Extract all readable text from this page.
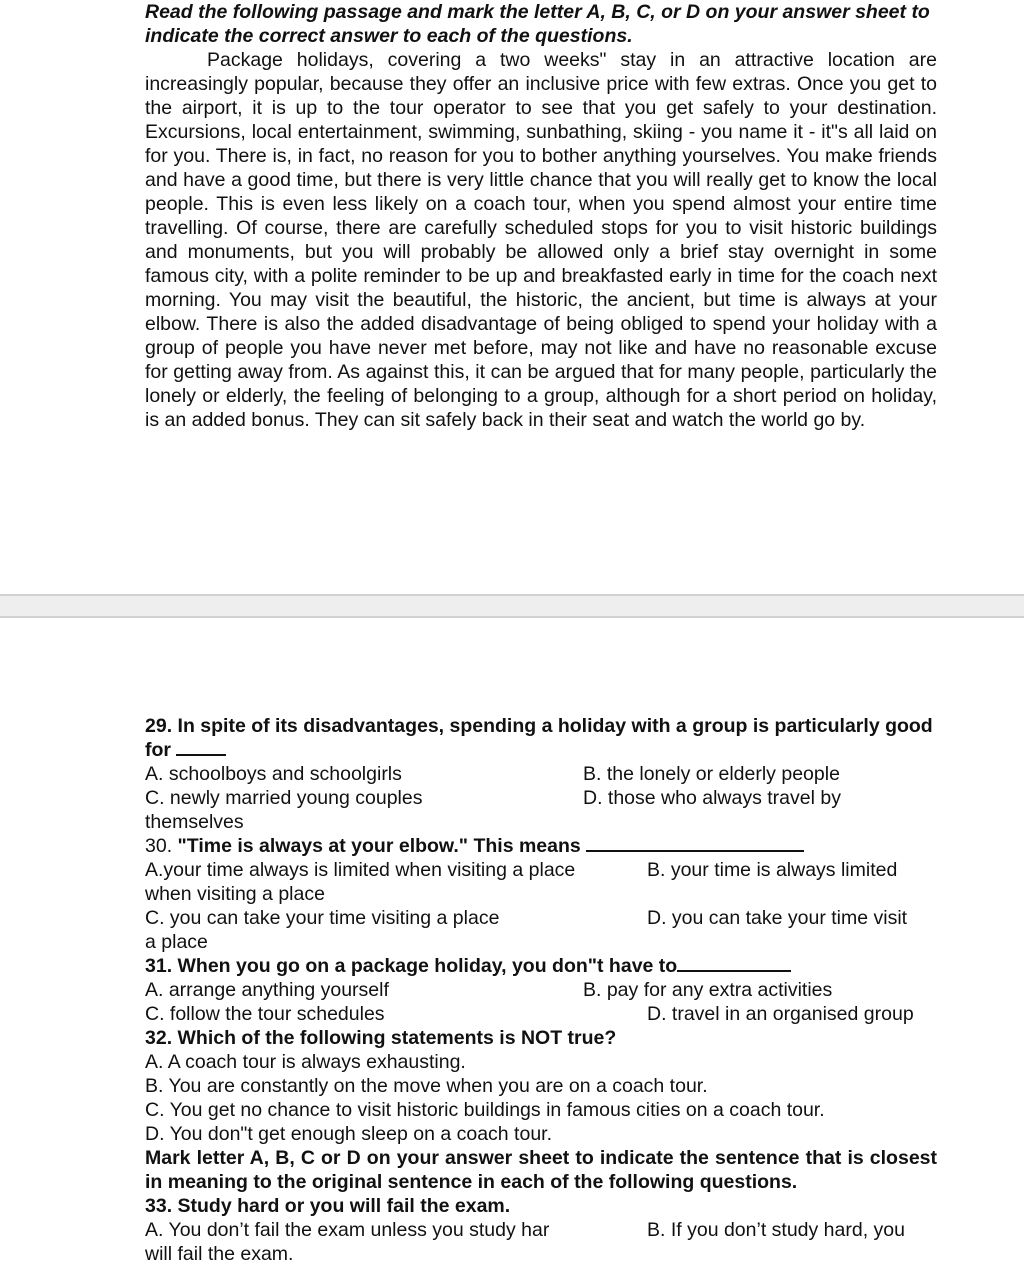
Read the following passage and mark the letter A, B, C, or D on your answer sheet to indicate the correct answer to each of the questions.
Package holidays, covering a two weeks" stay in an attractive location are increasingly popular, because they offer an inclusive price with few extras. Once you get to the airport, it is up to the tour operator to see that you get safely to your destination. Excursions, local entertainment, swimming, sunbathing, skiing - you name it - it"s all laid on for you. There is, in fact, no reason for you to bother anything yourselves. You make friends and have a good time, but there is very little chance that you will really get to know the local people. This is even less likely on a coach tour, when you spend almost your entire time travelling. Of course, there are carefully scheduled stops for you to visit historic buildings and monuments, but you will probably be allowed only a brief stay overnight in some famous city, with a polite reminder to be up and breakfasted early in time for the coach next morning. You may visit the beautiful, the historic, the ancient, but time is always at your elbow. There is also the added disadvantage of being obliged to spend your holiday with a group of people you have never met before, may not like and have no reasonable excuse for getting away from. As against this, it can be argued that for many people, particularly the lonely or elderly, the feeling of belonging to a group, although for a short period on holiday, is an added bonus. They can sit safely back in their seat and watch the world go by.
29. In spite of its disadvantages, spending a holiday with a group is particularly good for
A. schoolboys and schoolgirls	B. the lonely or elderly people
C. newly married young couples	D. those who always travel by
themselves
30. "Time is always at your elbow." This means
A.your time always is limited when visiting a place	B. your time is always limited
when visiting a place
C. you can take your time visiting a place	D. you can take your time visit
a place
31. When you go on a package holiday, you don"t have to
A. arrange anything yourself	B. pay for any extra activities
C. follow the tour schedules	D. travel in an organised group
32. Which of the following statements is NOT true?
A. A coach tour is always exhausting.
B. You are constantly on the move when you are on a coach tour.
C. You get no chance to visit historic buildings in famous cities on a coach tour.
D. You don"t get enough sleep on a coach tour.
Mark letter A, B, C or D on your answer sheet to indicate the sentence that is closest in meaning to the original sentence in each of the following questions.
33. Study hard or you will fail the exam.
A. You don’t fail the exam unless you study har	B. If you don’t study hard, you
will fail the exam.
